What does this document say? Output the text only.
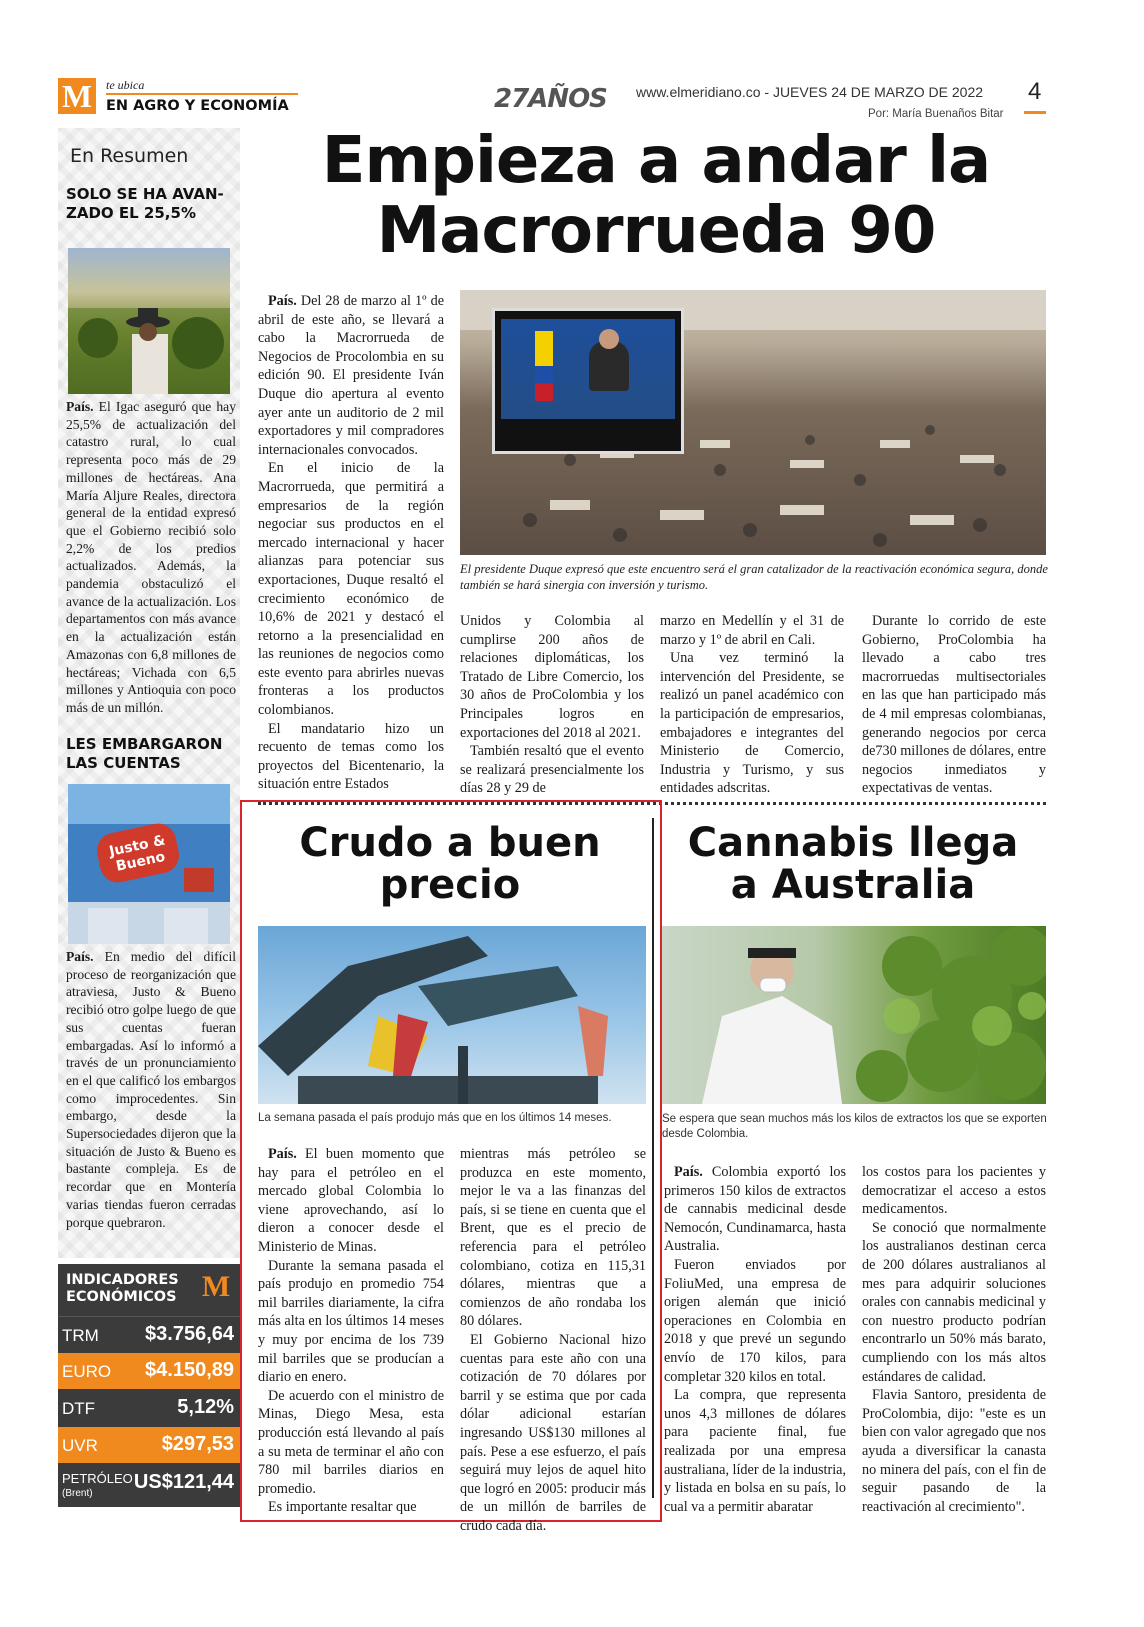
M	te ubica
EN AGRO Y ECONOMÍA	27AÑOS www.elmeridiano.co - JUEVES 24 DE MARZO DE 2022 4
Por: María Buenaños Bitar
En Resumen
SOLO SE HA AVAN-
ZADO EL 25,5%

País. El Igac aseguró que hay 25,5% de actualización del catastro rural, lo cual representa poco más de 29 millones de hectáreas. Ana María Aljure Reales, directora general de la entidad expresó que el Gobierno recibió solo 2,2% de los predios actualizados. Además, la pandemia obstaculizó el avance de la actualización. Los departamentos con más avance en la actualización están Amazonas con 6,8 millones de hectáreas; Vichada con 6,5 millones y Antioquia con poco más de un millón.

LES EMBARGARON
LAS CUENTAS
Justo & Bueno

País. En medio del difícil proceso de reorganización que atraviesa, Justo & Bueno recibió otro golpe luego de que sus cuentas fueran embargadas. Así lo informó a través de un pronunciamiento en el que calificó los embargos como improcedentes. Sin embargo, desde la Supersociedades dijeron que la situación de Justo & Bueno es bastante compleja. Es de recordar que en Montería varias tiendas fueron cerradas porque quebraron.

INDICADORES
ECONÓMICOS M
TRM $3.756,64
EURO $4.150,89
DTF	5,12%
UVR	$297,53
PETRÓLEO
(Brent)
US$121,44
Empieza a andar la Macrorrueda 90

País. Del 28 de marzo al 1º de abril de este año, se llevará a cabo la Macrorrueda de Negocios de Procolombia en su edición 90. El presidente Iván Duque dio apertura al evento ayer ante un auditorio de 2 mil exportadores y mil compradores internacionales convocados.

En el inicio de la Macrorrueda, que permitirá a empresarios de la región negociar sus productos en el mercado internacional y hacer alianzas para potenciar sus exportaciones, Duque resaltó el crecimiento económico de 10,6% de 2021 y destacó el retorno a la presencialidad en las reuniones de negocios como este evento para abrirles nuevas fronteras a los productos colombianos.

El mandatario hizo un recuento de temas como los proyectos del Bicentenario, la situación entre Estados

El presidente Duque expresó que este encuentro será el gran catalizador de la reactivación económica segura, donde también se hará sinergia con inversión y turismo.

Unidos y Colombia al cumplirse 200 años de relaciones diplomáticas, los Tratado de Libre Comercio, los 30 años de ProColombia y los Principales logros en exportaciones del 2018 al 2021.

También resaltó que el evento se realizará presencialmente los días 28 y 29 de

marzo en Medellín y el 31 de marzo y 1º de abril en Cali.

Una vez terminó la intervención del Presidente, se realizó un panel académico con la participación de empresarios, embajadores e integrantes del Ministerio de Comercio, Industria y Turismo, y sus entidades adscritas.

Durante lo corrido de este Gobierno, ProColombia ha llevado a cabo tres macrorruedas multisectoriales en las que han participado más de 4 mil empresas colombianas, generando negocios por cerca de730 millones de dólares, entre negocios inmediatos y expectativas de ventas.

Crudo a buen precio
La semana pasada el país produjo más que en los últimos 14 meses.

País. El buen momento que hay para el petróleo en el mercado global Colombia lo viene aprovechando, así lo dieron a conocer desde el Ministerio de Minas.

Durante la semana pasada el país produjo en promedio 754 mil barriles diariamente, la cifra más alta en los últimos 14 meses y muy por encima de los 739 mil barriles que se producían a diario en enero.

De acuerdo con el ministro de Minas, Diego Mesa, esta producción está llevando al país a su meta de terminar el año con 780 mil barriles diarios en promedio.

Es importante resaltar que

mientras más petróleo se produzca en este momento, mejor le va a las finanzas del país, si se tiene en cuenta que el Brent, que es el precio de referencia para el petróleo colombiano, cotiza en 115,31 dólares, mientras que a comienzos de año rondaba los 80 dólares.

El Gobierno Nacional hizo cuentas para este año con una cotización de 70 dólares por barril y se estima que por cada dólar adicional estarían ingresando US$130 millones al país. Pese a ese esfuerzo, el país seguirá muy lejos de aquel hito que logró en 2005: producir más de un millón de barriles de crudo cada día.

Cannabis llega a Australia
Se espera que sean muchos más los kilos de extractos los que se exporten desde Colombia.

País. Colombia exportó los primeros 150 kilos de extractos de cannabis medicinal desde Nemocón, Cundinamarca, hasta Australia.

Fueron enviados por FoliuMed, una empresa de origen alemán que inició operaciones en Colombia en 2018 y que prevé un segundo envío de 170 kilos, para completar 320 kilos en total.

La compra, que representa unos 4,3 millones de dólares para paciente final, fue realizada por una empresa australiana, líder de la industria, y listada en bolsa en su país, lo cual va a permitir abaratar

los costos para los pacientes y democratizar el acceso a estos medicamentos.

Se conoció que normalmente los australianos destinan cerca de 200 dólares australianos al mes para adquirir soluciones orales con cannabis medicinal y con nuestro producto podrían encontrarlo un 50% más barato, cumpliendo con los más altos estándares de calidad.

Flavia Santoro, presidenta de ProColombia, dijo: "este es un bien con valor agregado que nos ayuda a diversificar la canasta no minera del país, con el fin de seguir pasando de la reactivación al crecimiento".
